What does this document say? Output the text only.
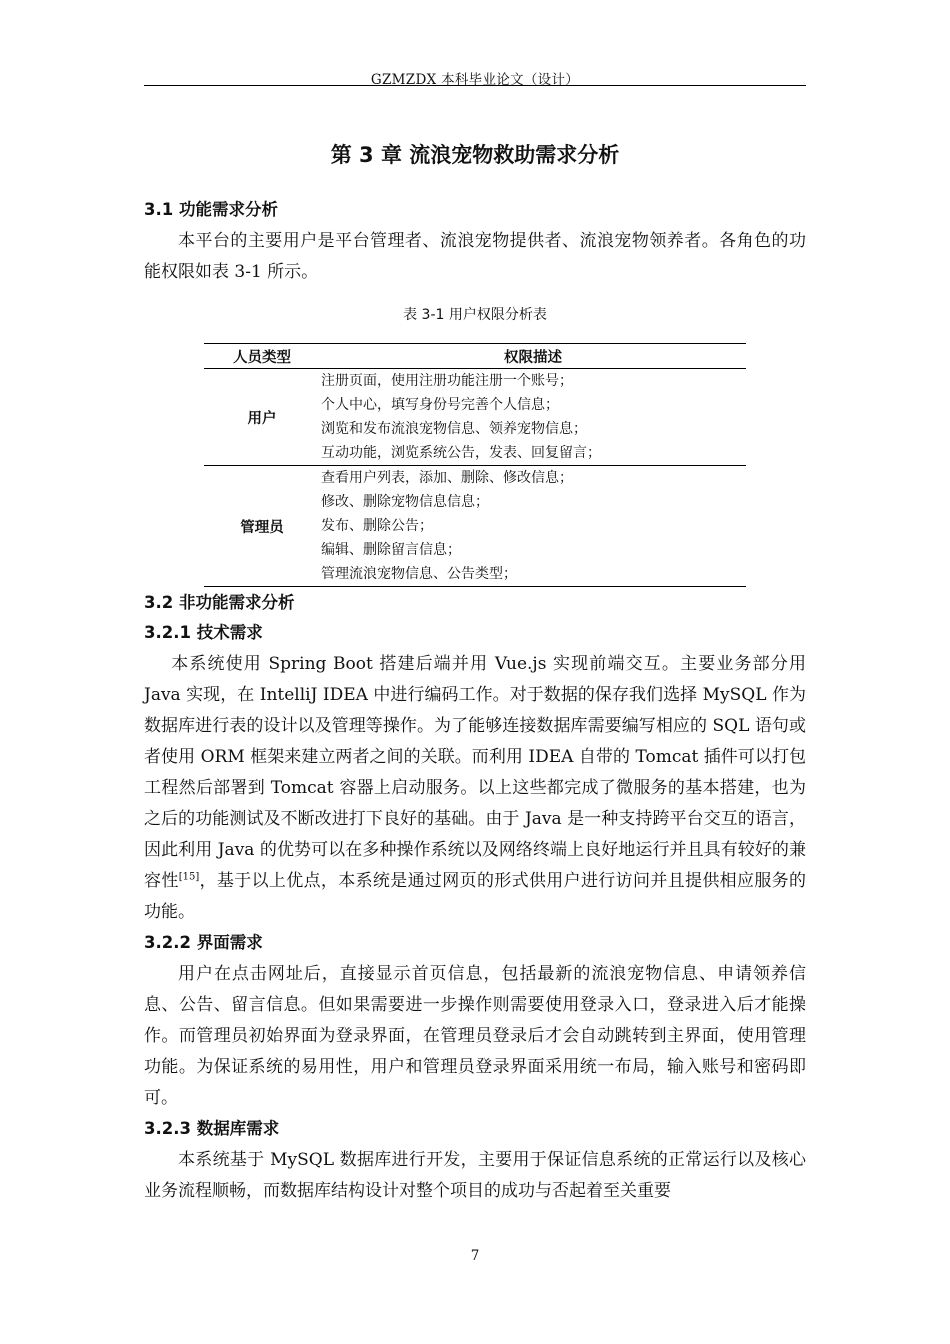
GZMZDX 本科毕业论文（设计）
第 3 章 流浪宠物救助需求分析
3.1 功能需求分析
本平台的主要用户是平台管理者、流浪宠物提供者、流浪宠物领养者。各角色的功能权限如表 3-1 所示。
表 3-1 用户权限分析表
人员类型	权限描述
用户	注册页面，使用注册功能注册一个账号；
个人中心，填写身份号完善个人信息；
浏览和发布流浪宠物信息、领养宠物信息；
互动功能，浏览系统公告，发表、回复留言；

管理员	查看用户列表，添加、删除、修改信息；
修改、删除宠物信息信息；
发布、删除公告；
编辑、删除留言信息；
管理流浪宠物信息、公告类型；
3.2 非功能需求分析
3.2.1 技术需求
本系统使用 Spring Boot 搭建后端并用 Vue.js 实现前端交互。主要业务部分用 Java 实现，在 IntelliJ IDEA 中进行编码工作。对于数据的保存我们选择 MySQL 作为数据库进行表的设计以及管理等操作。为了能够连接数据库需要编写相应的 SQL 语句或者使用 ORM 框架来建立两者之间的关联。而利用 IDEA 自带的 Tomcat 插件可以打包工程然后部署到 Tomcat 容器上启动服务。以上这些都完成了微服务的基本搭建，也为之后的功能测试及不断改进打下良好的基础。由于 Java 是一种支持跨平台交互的语言，因此利用 Java 的优势可以在多种操作系统以及网络终端上良好地运行并且具有较好的兼容性[15]，基于以上优点，本系统是通过网页的形式供用户进行访问并且提供相应服务的功能。
3.2.2 界面需求
用户在点击网址后，直接显示首页信息，包括最新的流浪宠物信息、申请领养信息、公告、留言信息。但如果需要进一步操作则需要使用登录入口，登录进入后才能操作。而管理员初始界面为登录界面，在管理员登录后才会自动跳转到主界面，使用管理功能。为保证系统的易用性，用户和管理员登录界面采用统一布局，输入账号和密码即可。
3.2.3 数据库需求
本系统基于 MySQL 数据库进行开发，主要用于保证信息系统的正常运行以及核心业务流程顺畅，而数据库结构设计对整个项目的成功与否起着至关重要
7
